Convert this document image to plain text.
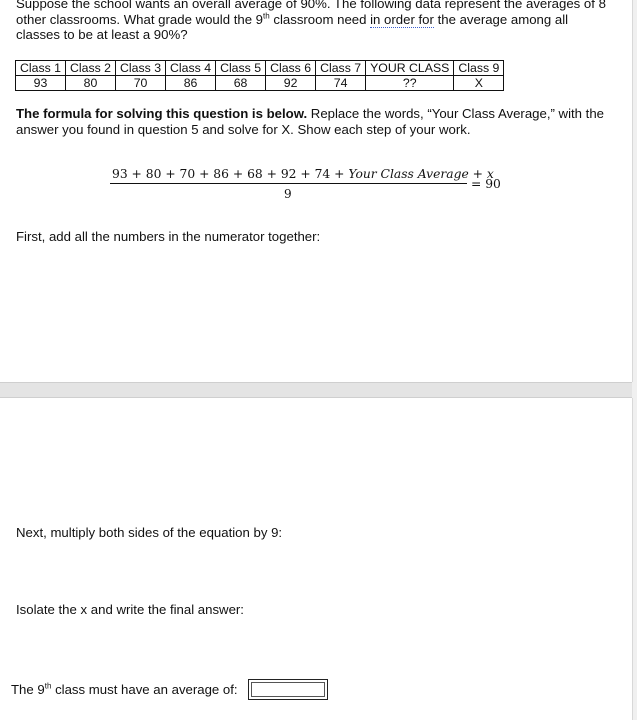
Suppose the school wants an overall average of 90%. The following data represent the averages of 8
other classrooms. What grade would the 9th classroom need in order for the average among all
classes to be at least a 90%?
Class 1	Class 2	Class 3	Class 4	Class 5	Class 6	Class 7	YOUR CLASS	Class 9
93	80	70	86	68	92	74	??	X
The formula for solving this question is below. Replace the words, “Your Class Average,” with the answer you found in question 5 and solve for X. Show each step of your work.
93 + 80 + 70 + 86 + 68 + 92 + 74 + Your Class Average + x
9
= 90
First, add all the numbers in the numerator together:
Next, multiply both sides of the equation by 9:
Isolate the x and write the final answer:
The 9th class must have an average of:
